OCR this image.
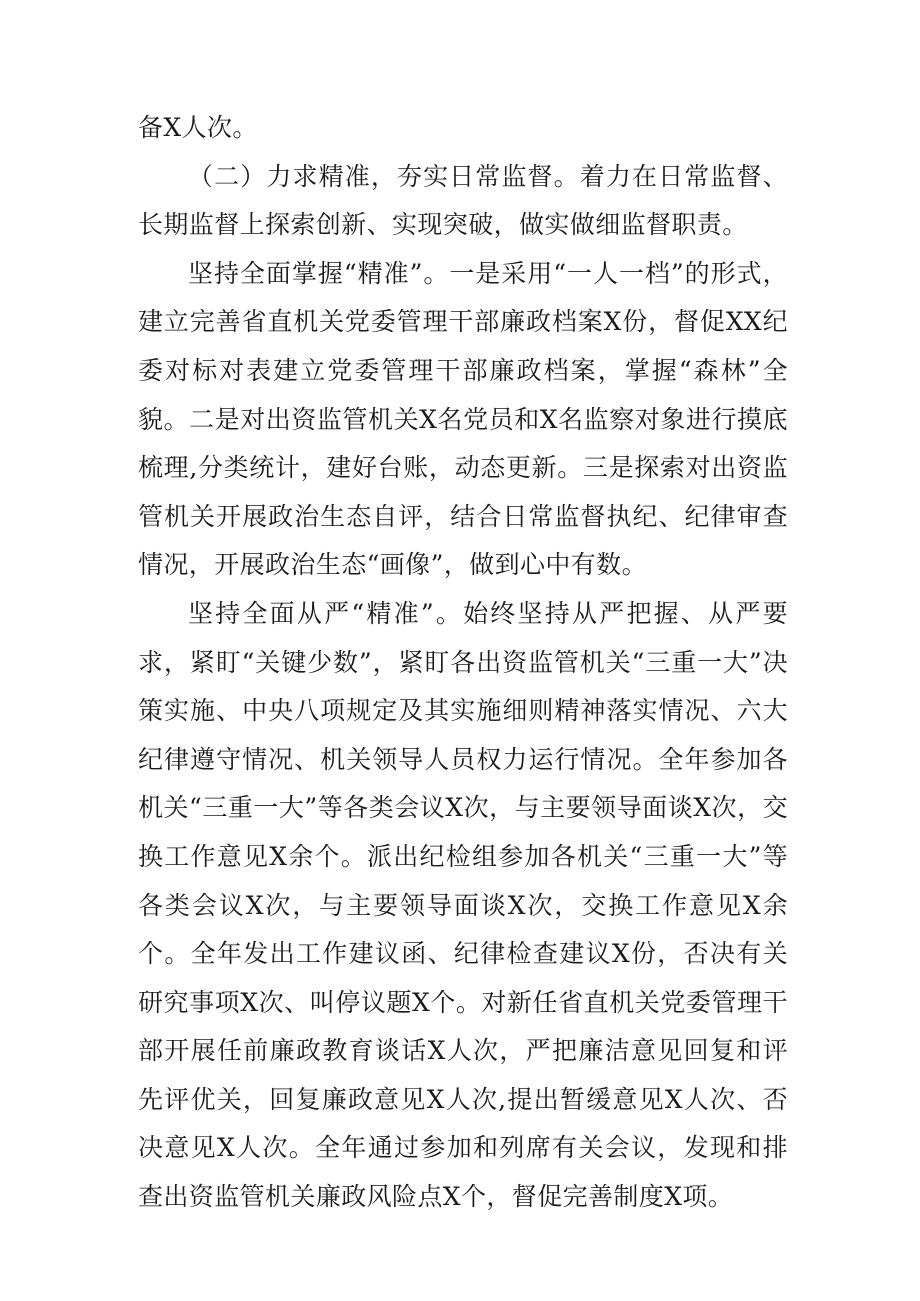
备X人次。

（二）力求精准，夯实日常监督。着力在日常监督、长期监督上探索创新、实现突破，做实做细监督职责。

坚持全面掌握“精准”。一是采用“一人一档”的形式，建立完善省直机关党委管理干部廉政档案X份，督促XX纪委对标对表建立党委管理干部廉政档案，掌握“森林”全貌。二是对出资监管机关X名党员和X名监察对象进行摸底梳理,分类统计，建好台账，动态更新。三是探索对出资监管机关开展政治生态自评，结合日常监督执纪、纪律审查情况，开展政治生态“画像”，做到心中有数。

坚持全面从严“精准”。始终坚持从严把握、从严要求，紧盯“关键少数”，紧盯各出资监管机关“三重一大”决策实施、中央八项规定及其实施细则精神落实情况、六大纪律遵守情况、机关领导人员权力运行情况。全年参加各机关“三重一大”等各类会议X次，与主要领导面谈X次，交换工作意见X余个。派出纪检组参加各机关“三重一大”等各类会议X次，与主要领导面谈X次，交换工作意见X余个。全年发出工作建议函、纪律检查建议X份，否决有关研究事项X次、叫停议题X个。对新任省直机关党委管理干部开展任前廉政教育谈话X人次，严把廉洁意见回复和评先评优关，回复廉政意见X人次,提出暂缓意见X人次、否决意见X人次。全年通过参加和列席有关会议，发现和排查出资监管机关廉政风险点X个，督促完善制度X项。
